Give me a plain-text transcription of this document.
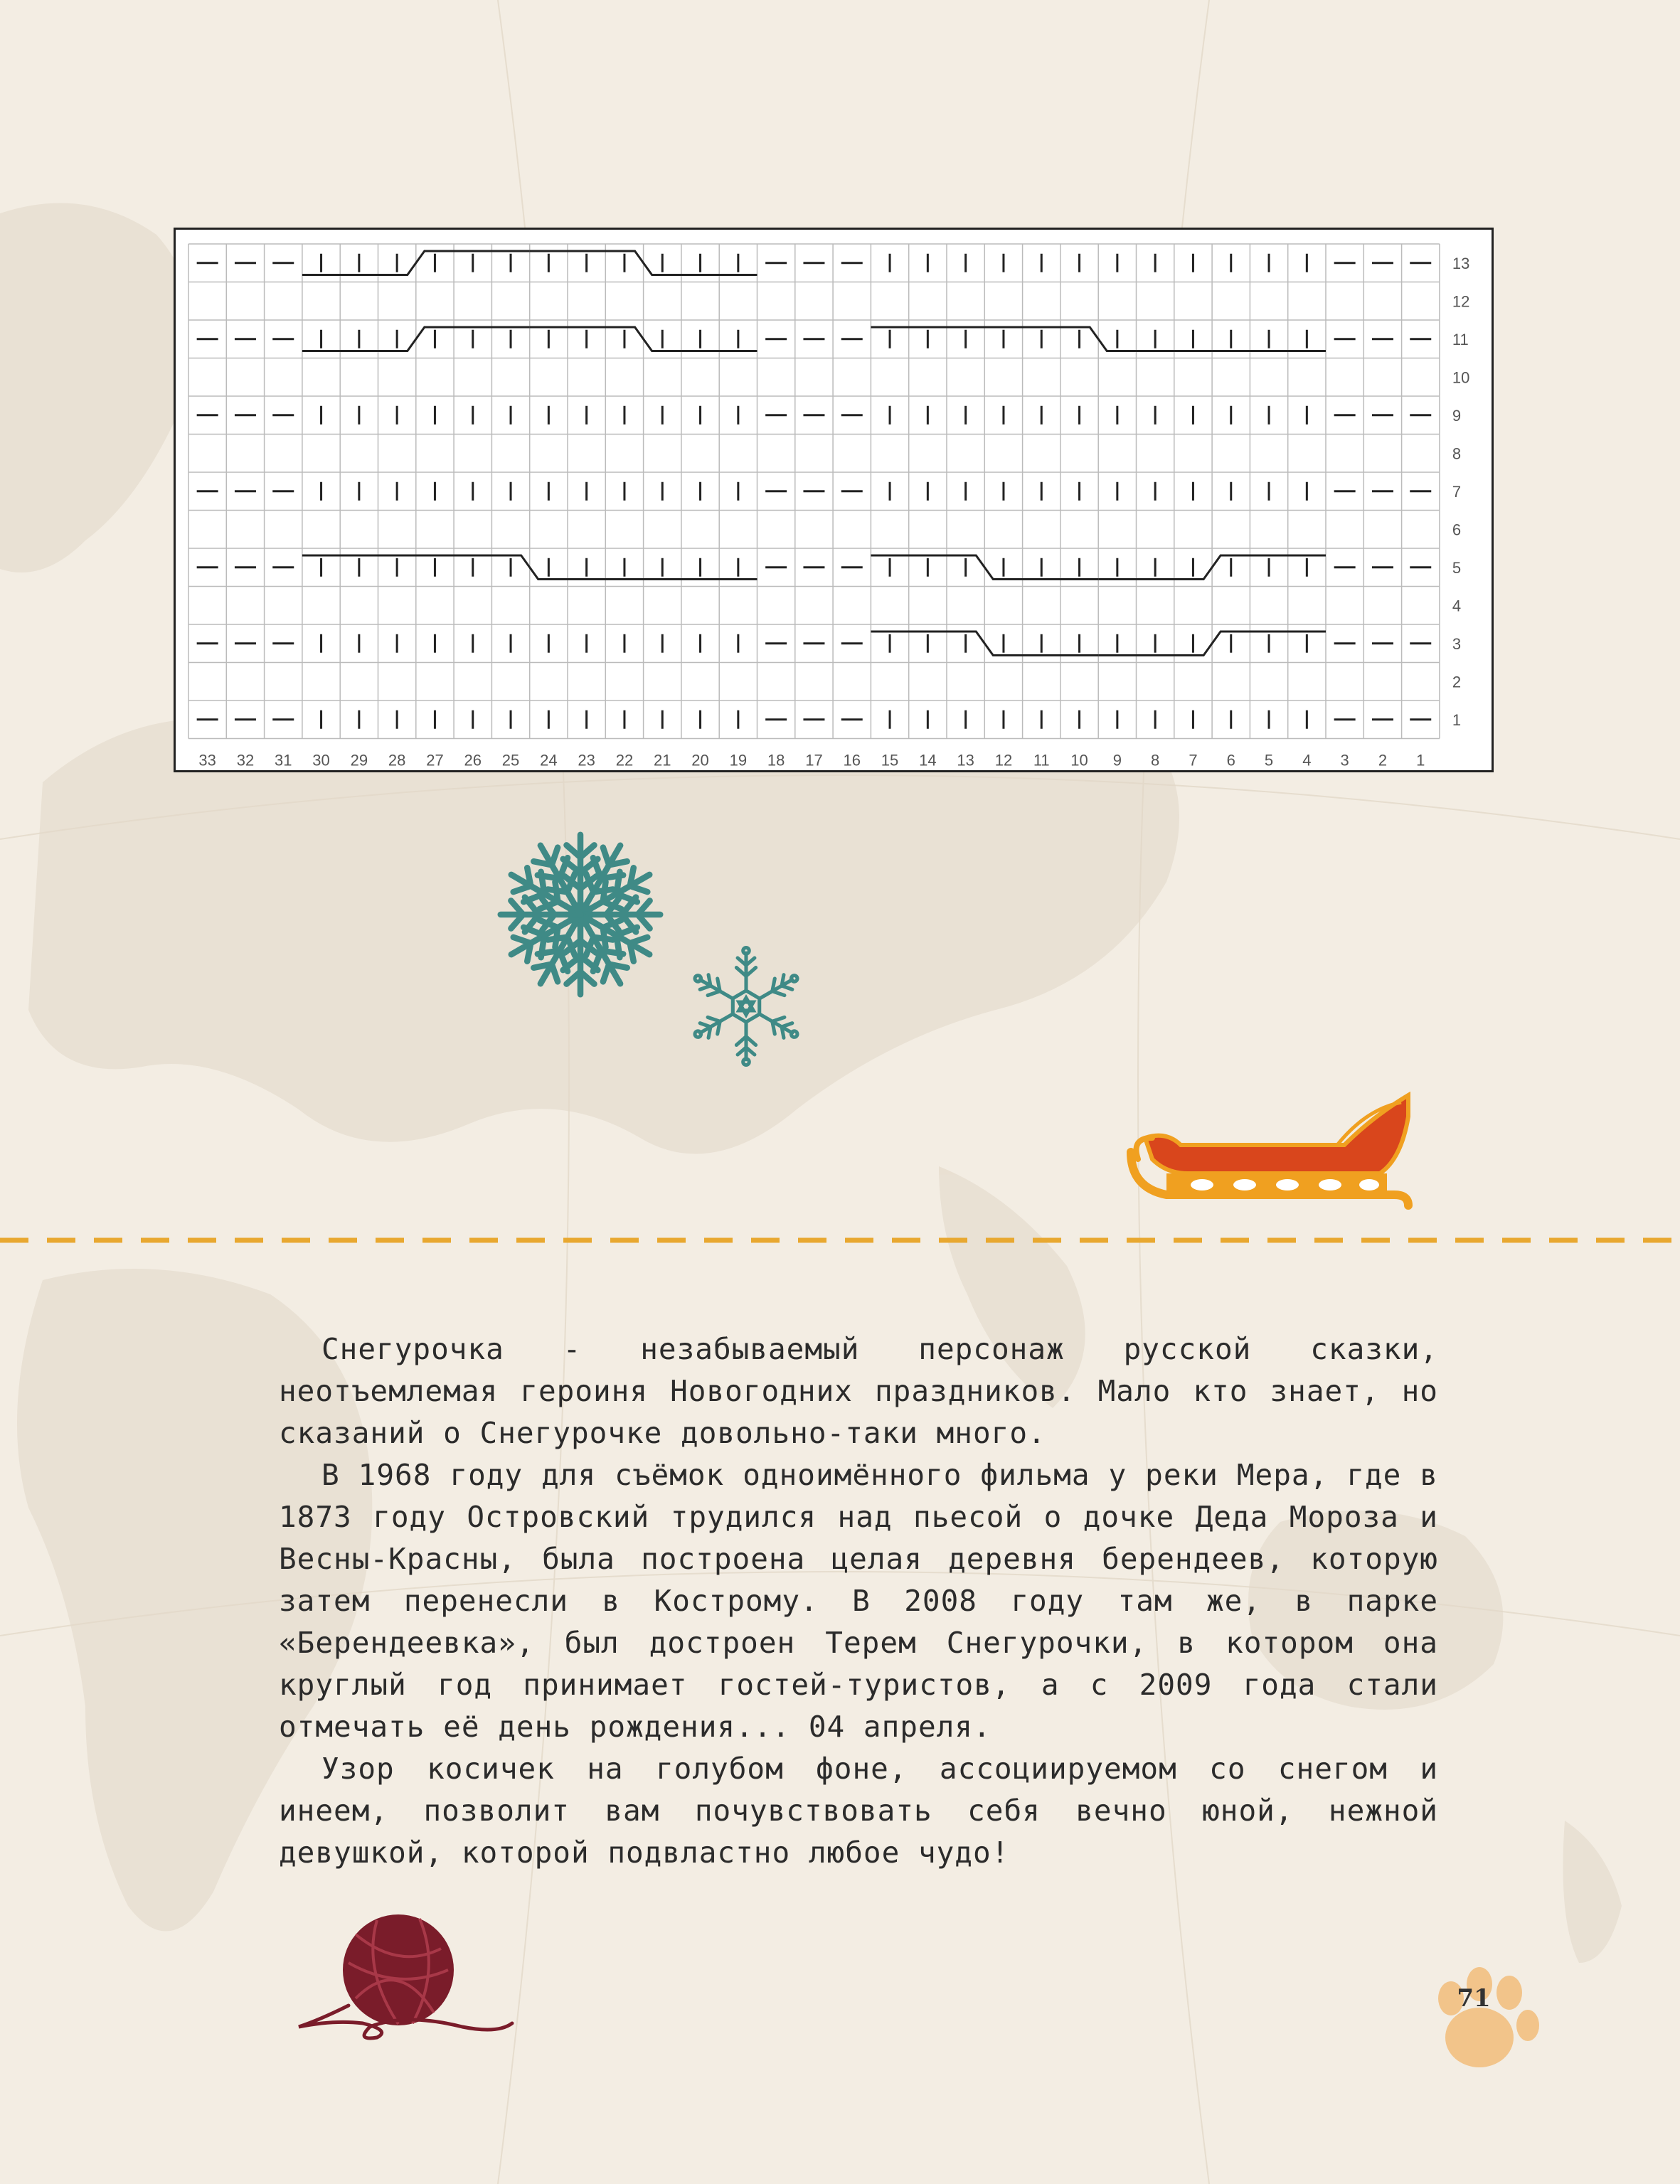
13
12
11
10
9
8
7
6
5
4
3
2
1
33 32 31 30 29 28 27 26 25 24 23 22 21 20 19 18 17 16 15 14 13 12 11 10 9 8 7 6 5 4 3 2 1

Снегурочка - незабываемый персонаж русской сказки, неотъемлемая героиня Новогодних праздников. Мало кто знает, но сказаний о Снегурочке довольно-таки много.

В 1968 году для съёмок одноимённого фильма у реки Мера, где в 1873 году Островский трудился над пьесой о дочке Деда Мороза и Весны-Красны, была построена целая деревня берендеев, которую затем перенесли в Кострому. В 2008 году там же, в парке «Берендеевка», был достроен Терем Снегурочки, в котором она круглый год принимает гостей-туристов, а с 2009 года стали отмечать её день рождения... 04 апреля.

Узор косичек на голубом фоне, ассоциируемом со снегом и инеем, позволит вам почувствовать себя вечно юной, нежной девушкой, которой подвластно любое чудо!

71
